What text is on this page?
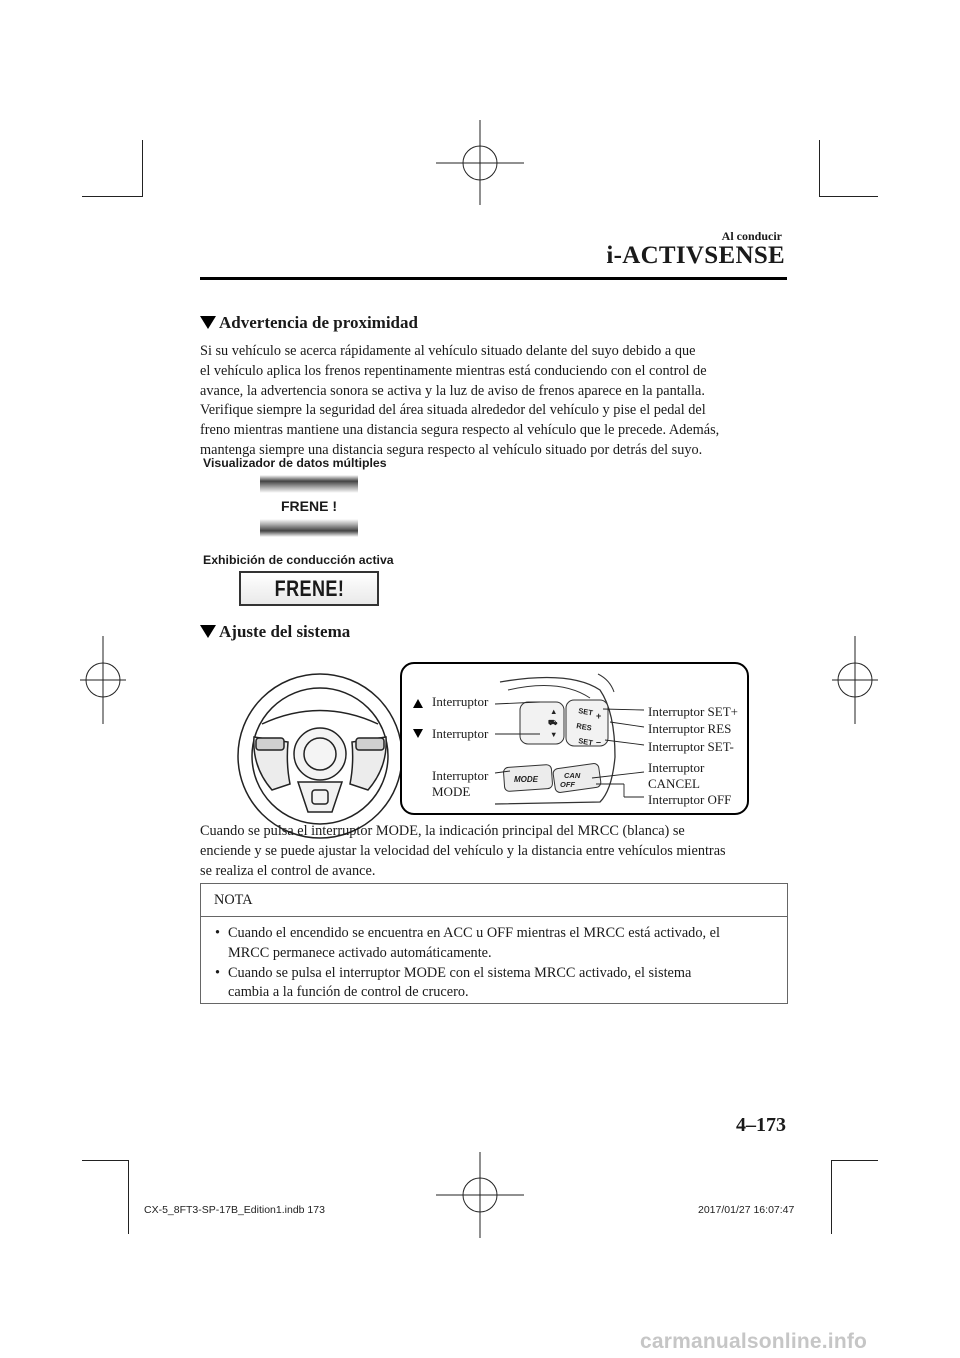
Al conducir
i-ACTIVSENSE
Advertencia de proximidad

Si su vehículo se acerca rápidamente al vehículo situado delante del suyo debido a que

el vehículo aplica los frenos repentinamente mientras está conduciendo con el control de

avance, la advertencia sonora se activa y la luz de aviso de frenos aparece en la pantalla.

Verifique siempre la seguridad del área situada alrededor del vehículo y pise el pedal del

freno mientras mantiene una distancia segura respecto al vehículo que le precede. Además,

mantenga siempre una distancia segura respecto al vehículo situado por detrás del suyo.

Visualizador de datos múltiples
FRENE !
Exhibición de conducción activa
FRENE!
Ajuste del sistema
▲
⛟
▼
SET +
RES
SET –
MODE	CAN
OFF
Interruptor
Interruptor
Interruptor
MODE
Interruptor SET+
Interruptor RES
Interruptor SET-
Interruptor
CANCEL
Interruptor OFF

Cuando se pulsa el interruptor MODE, la indicación principal del MRCC (blanca) se

enciende y se puede ajustar la velocidad del vehículo y la distancia entre vehículos mientras

se realiza el control de avance.

NOTA
• Cuando el encendido se encuentra en ACC u OFF mientras el MRCC está activado, el
MRCC permanece activado automáticamente.
• Cuando se pulsa el interruptor MODE con el sistema MRCC activado, el sistema
cambia a la función de control de crucero.
4–173
CX-5_8FT3-SP-17B_Edition1.indb 173	2017/01/27 16:07:47
carmanualsonline.info
